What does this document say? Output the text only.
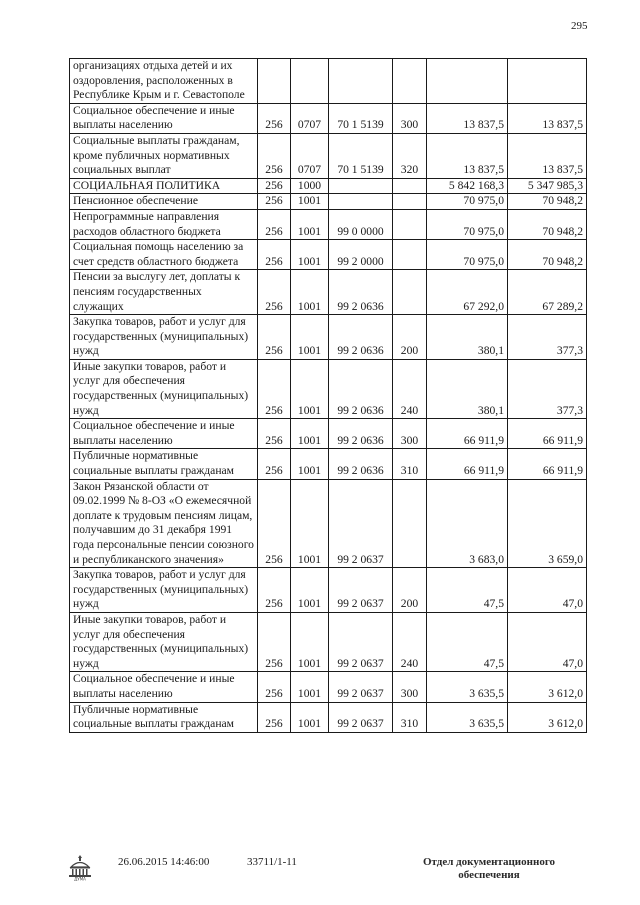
295
организациях отдыха детей и их оздоровления, расположенных в Республике Крым и г. Севастополе						
Социальное обеспечение и иные выплаты населению	256	0707	70 1 5139	300	13 837,5	13 837,5
Социальные выплаты гражданам, кроме публичных нормативных социальных выплат	256	0707	70 1 5139	320	13 837,5	13 837,5
СОЦИАЛЬНАЯ ПОЛИТИКА	256	1000			5 842 168,3	5 347 985,3
Пенсионное обеспечение	256	1001			70 975,0	70 948,2
Непрограммные направления расходов областного бюджета	256	1001	99 0 0000		70 975,0	70 948,2
Социальная помощь населению за счет средств областного бюджета	256	1001	99 2 0000		70 975,0	70 948,2
Пенсии за выслугу лет, доплаты к пенсиям государственных служащих	256	1001	99 2 0636		67 292,0	67 289,2
Закупка товаров, работ и услуг для государственных (муниципальных) нужд	256	1001	99 2 0636	200	380,1	377,3
Иные закупки товаров, работ и услуг для обеспечения государственных (муниципальных) нужд	256	1001	99 2 0636	240	380,1	377,3
Социальное обеспечение и иные выплаты населению	256	1001	99 2 0636	300	66 911,9	66 911,9
Публичные нормативные социальные выплаты гражданам	256	1001	99 2 0636	310	66 911,9	66 911,9
Закон Рязанской области от 09.02.1999 № 8-ОЗ «О ежемесячной доплате к трудовым пенсиям лицам, получавшим до 31 декабря 1991 года персональные пенсии союзного и республиканского значения»	256	1001	99 2 0637		3 683,0	3 659,0
Закупка товаров, работ и услуг для государственных (муниципальных) нужд	256	1001	99 2 0637	200	47,5	47,0
Иные закупки товаров, работ и услуг для обеспечения государственных (муниципальных) нужд	256	1001	99 2 0637	240	47,5	47,0
Социальное обеспечение и иные выплаты населению	256	1001	99 2 0637	300	3 635,5	3 612,0
Публичные нормативные социальные выплаты гражданам	256	1001	99 2 0637	310	3 635,5	3 612,0
ДУМА
26.06.2015 14:46:00	33711/1-11	Отдел документационного
обеспечения
